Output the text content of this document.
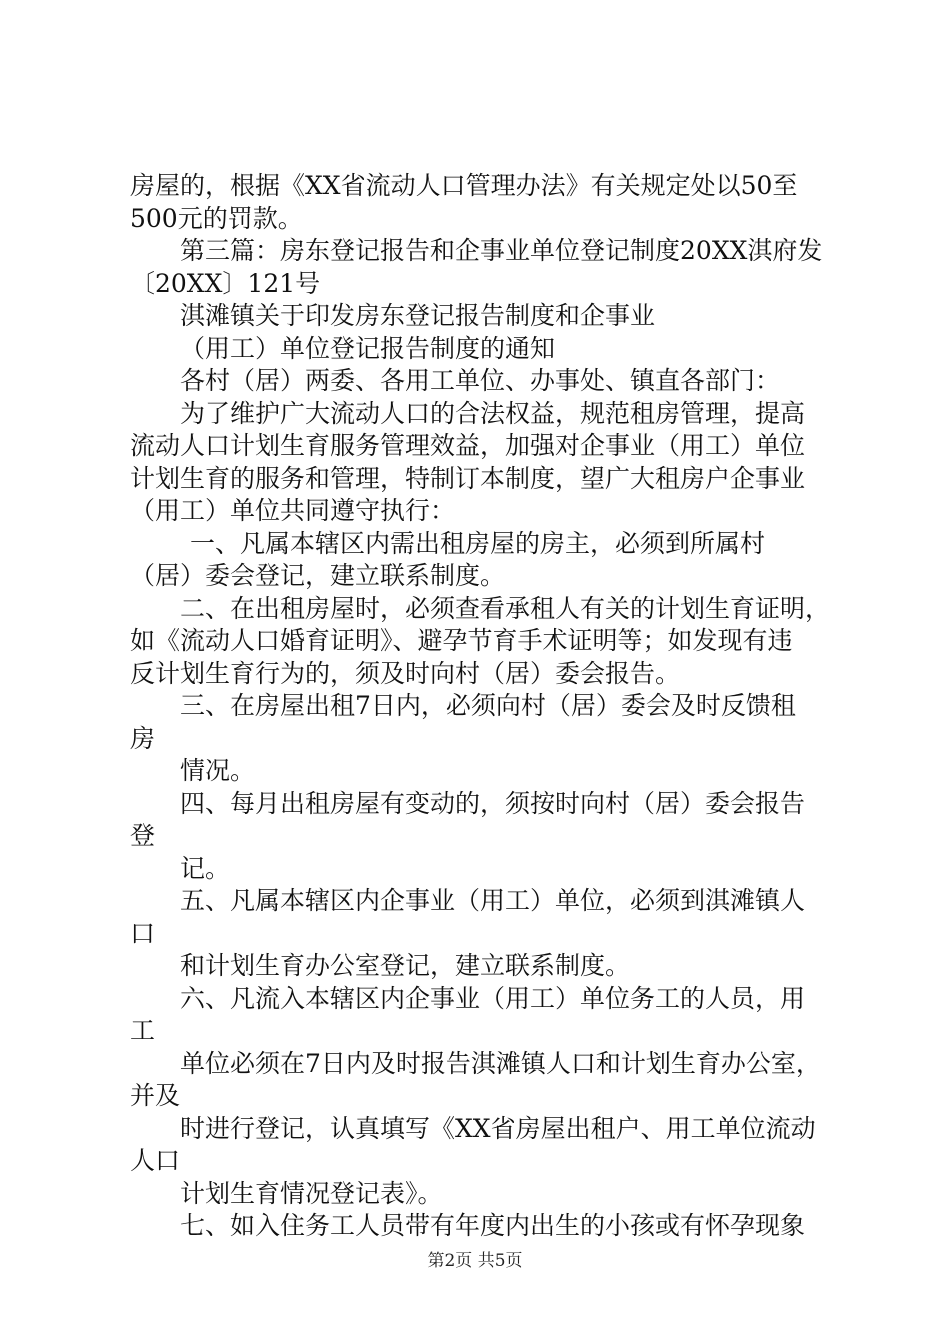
房屋的，根据《XX省流动人口管理办法》有关规定处以50至
500元的罚款。
第三篇：房东登记报告和企事业单位登记制度20XX淇府发
〔20XX〕121号
淇滩镇关于印发房东登记报告制度和企事业
（用工）单位登记报告制度的通知
各村（居）两委、各用工单位、办事处、镇直各部门：
为了维护广大流动人口的合法权益，规范租房管理，提高
流动人口计划生育服务管理效益，加强对企事业（用工）单位
计划生育的服务和管理，特制订本制度，望广大租房户企事业
（用工）单位共同遵守执行：
一、凡属本辖区内需出租房屋的房主，必须到所属村
（居）委会登记，建立联系制度。
二、在出租房屋时，必须查看承租人有关的计划生育证明，
如《流动人口婚育证明》、避孕节育手术证明等；如发现有违
反计划生育行为的，须及时向村（居）委会报告。
三、在房屋出租7日内，必须向村（居）委会及时反馈租
房
情况。
四、每月出租房屋有变动的，须按时向村（居）委会报告
登
记。
五、凡属本辖区内企事业（用工）单位，必须到淇滩镇人
口
和计划生育办公室登记，建立联系制度。
六、凡流入本辖区内企事业（用工）单位务工的人员，用
工
单位必须在7日内及时报告淇滩镇人口和计划生育办公室，
并及
时进行登记，认真填写《XX省房屋出租户、用工单位流动
人口
计划生育情况登记表》。
七、如入住务工人员带有年度内出生的小孩或有怀孕现象
第2页 共5页
